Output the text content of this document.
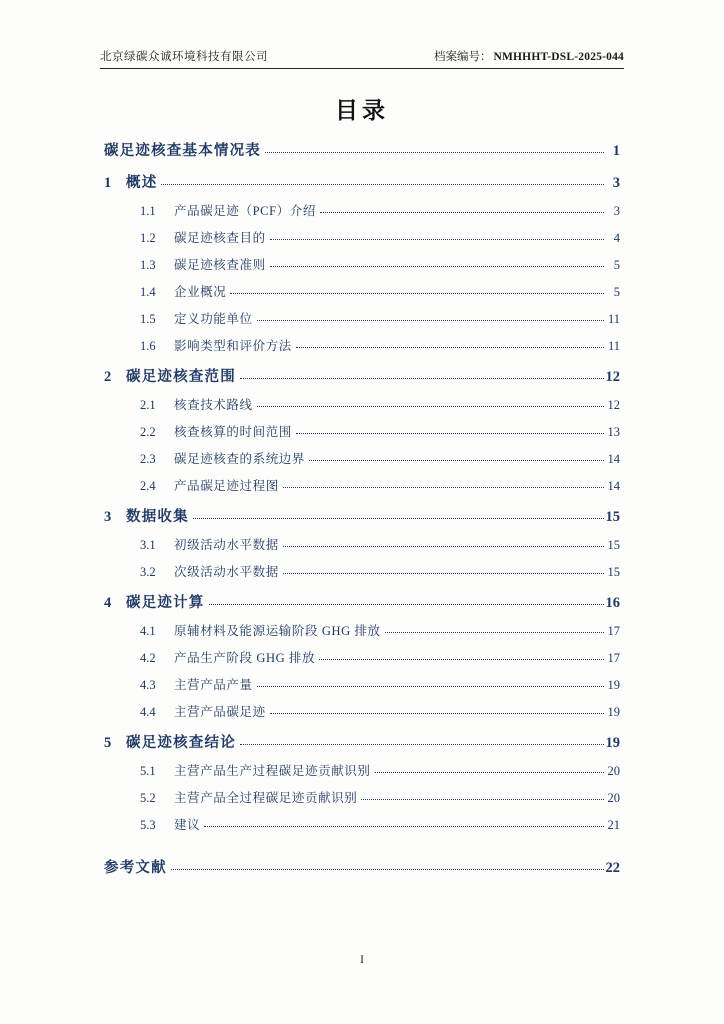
北京绿碳众诚环境科技有限公司	档案编号： NMHHHT-DSL-2025-044
目录
碳足迹核查基本情况表	1
1	概述	3
1.1	产品碳足迹（PCF）介绍	3
1.2	碳足迹核查目的	4
1.3	碳足迹核查准则	5
1.4	企业概况	5
1.5	定义功能单位	11
1.6	影响类型和评价方法	11
2	碳足迹核查范围	12
2.1	核查技术路线	12
2.2	核查核算的时间范围	13
2.3	碳足迹核查的系统边界	14
2.4	产品碳足迹过程图	14
3	数据收集	15
3.1	初级活动水平数据	15
3.2	次级活动水平数据	15
4	碳足迹计算	16
4.1	原辅材料及能源运输阶段 GHG 排放	17
4.2	产品生产阶段 GHG 排放	17
4.3	主营产品产量	19
4.4	主营产品碳足迹	19
5	碳足迹核查结论	19
5.1	主营产品生产过程碳足迹贡献识别	20
5.2	主营产品全过程碳足迹贡献识别	20
5.3	建议	21
参考文献	22
I
